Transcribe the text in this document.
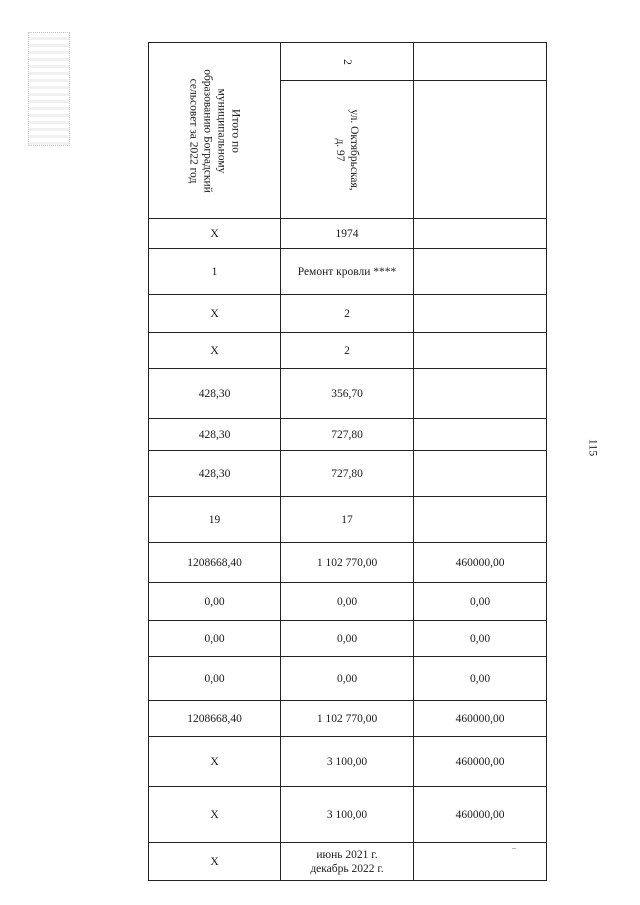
115
Итого по муниципальному
образованию Боградский
сельсовет за 2022 год	2	

	ул. Октябрьская,
д. 97	

X	1974	
1	Ремонт кровли ****	
X	2	
X	2	
428,30	356,70	
428,30	727,80	
428,30	727,80	
19	17	
1208668,40	1 102 770,00	460000,00
0,00	0,00	0,00
0,00	0,00	0,00
0,00	0,00	0,00
1208668,40	1 102 770,00	460000,00
X	3 100,00	460000,00
X	3 100,00	460000,00
X	июнь 2021 г.
декабрь 2022 г.	
